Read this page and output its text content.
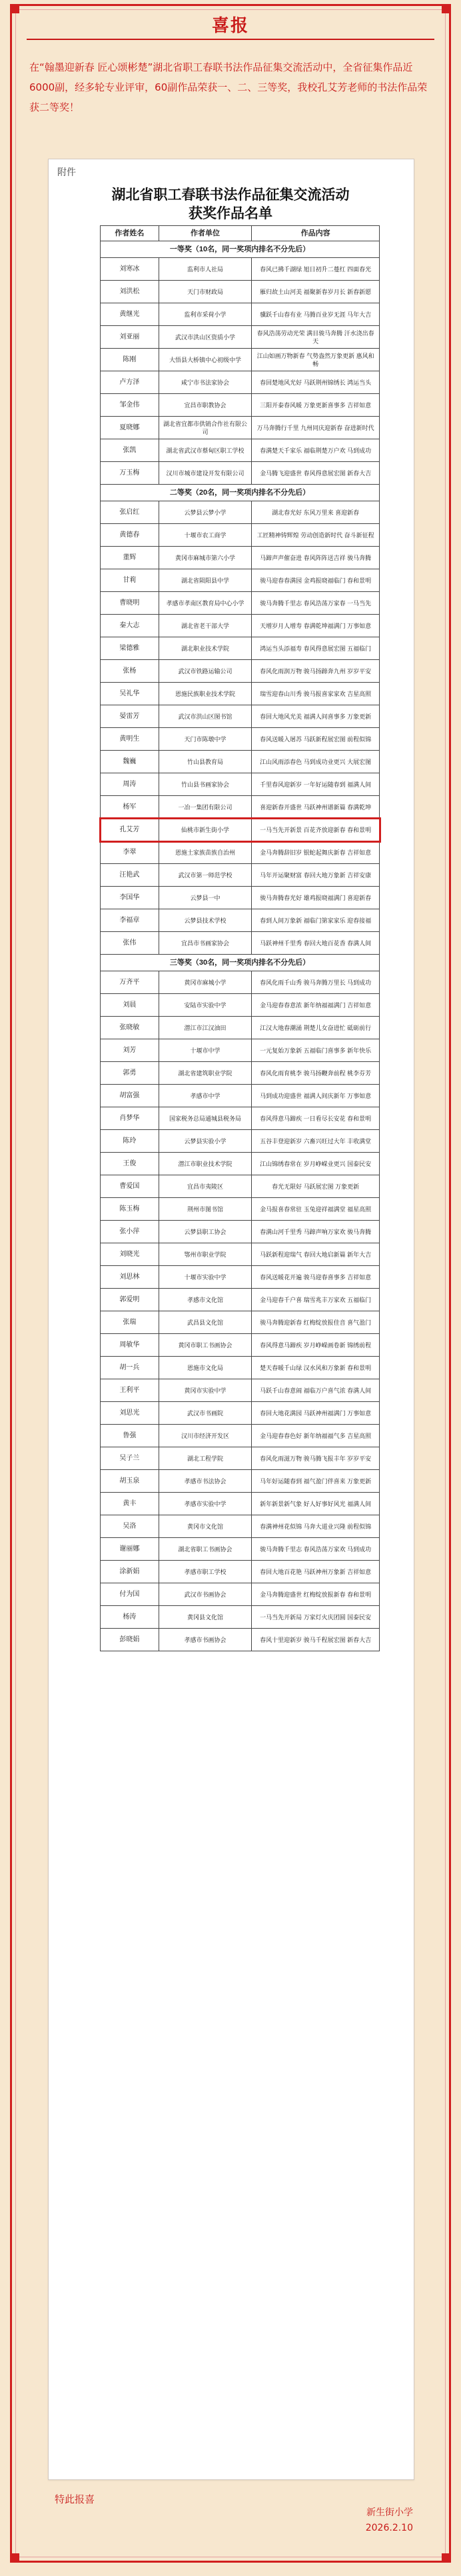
喜报
在“翰墨迎新春 匠心颂彬楚”湖北省职工春联书法作品征集交流活动中，全省征集作品近6000副，经多轮专业评审，60副作品荣获一、二、三等奖，我校孔艾芳老师的书法作品荣获二等奖！
附件
湖北省职工春联书法作品征集交流活动
获奖作品名单
作者姓名	作者单位	作品内容
一等奖（10名，同一奖项内排名不分先后）		
刘寒冰	监利市人社局	春风已拂千湖绿 旭日初升二蔓红 四面春光
刘洪松	天门市财政局	雁归故土山河美 福聚新春岁月长 新春新愿
黄继光	监利市采荷小学	骥跃千山春有业 马腾百业岁无涯 马年大吉
刘亚丽	武汉市洪山区资质小学	春风浩荡劳动光荣 满目骏马奔腾 汗水浇出春天
陈刚	大悟县大桥镇中心初级中学	江山如画万物新春 气势盎然万象更新 惠风和畅
卢方泽	咸宁市书法家协会	春回楚地风光好 马跃荆州锦绣长 鸿运当头
邹金伟	宜昌市职教协会	三阳开泰春风暖 万象更新喜事多 吉祥如意
夏晓娜	湖北省宜都市供销合作社有限公司	万马奔腾行千里 九州同庆迎新春 奋进新时代
张凯	湖北省武汉市蔡甸区职工学校	春满楚天千家乐 福临荆楚万户欢 马到成功
万玉梅	汉川市城市建设开发有限公司	金马腾飞迎盛世 春风得意展宏图 新春大吉
二等奖（20名，同一奖项内排名不分先后）		
张启红	云梦县云梦小学	湖北春光好 东风万里来 喜迎新春
黄德春	十堰市农工商学	工匠精神铸辉煌 劳动创造新时代 奋斗新征程
董辉	黄冈市麻城市第六小学	马蹄声声催奋进 春风阵阵送吉祥 骏马奔腾
甘莉	湖北省陨阳县中学	骏马迎春春满园 金鸡报晓福临门 春和景明
曹晓明	孝感市孝南区教育局中心小学	骏马奔腾千里志 春风浩荡万家春 一马当先
秦大志	湖北省老干部大学	天增岁月人增寿 春满乾坤福满门 万事如意
梁德雅	湖北职业技术学院	鸿运当头添福寿 春风得意展宏图 五福临门
张杨	武汉市铁路运输公司	春风化雨润万物 骏马扬蹄奔九州 岁岁平安
吴礼华	恩施民族职业技术学院	瑞雪迎春山川秀 骏马报喜家家欢 吉星高照
晏雷芳	武汉市洪山区图书馆	春回大地风光美 福满人间喜事多 万象更新
黄明生	天门市陈墩中学	春风送暖入屠苏 马跃新程展宏图 前程似锦
魏巍	竹山县教育局	江山风雨添春色 马到成功业更兴 大展宏图
周涛	竹山县书画家协会	千里春风迎新岁 一年好运随春到 福满人间
杨军	一冶一集团有限公司	喜迎新春开盛世 马跃神州谱新篇 春满乾坤
孔艾芳	仙桃市新生街小学	一马当先开新景 百花齐放迎新春 春和景明
李翠	恩施土家族苗族自治州	金马奔腾辞旧岁 银蛇起舞庆新春 吉祥如意
汪艳武	武汉市第一师范学校	马年开运聚财富 春回大地万象新 吉祥安康
李国华	云梦县一中	骏马奔腾春光好 雄鸡报晓福满门 喜迎新春
李福章	云梦县技术学校	春到人间万象新 福临门第家家乐 迎春接福
张伟	宜昌市书画家协会	马跃神州千里秀 春回大地百花香 春满人间
三等奖（30名，同一奖项内排名不分先后）		
万齐平	黄冈市麻城小学	春风化雨千山秀 骏马奔腾万里长 马到成功
刘晨	安陆市实验中学	金马迎春春意浓 新年纳福福满门 吉祥如意
张晓敏	潜江市江汉油田	江汉大地春潮涌 荆楚儿女奋进忙 砥砺前行
刘芳	十堰市中学	一元复始万象新 五福临门喜事多 新年快乐
郭勇	湖北省建筑职业学院	春风化雨育桃李 骏马扬鞭奔前程 桃李芬芳
胡富强	孝感市中学	马到成功迎盛世 福满人间庆新年 万事如意
肖梦华	国家税务总局通城县税务局	春风得意马蹄疾 一日看尽长安花 春和景明
陈玲	云梦县实验小学	五谷丰登迎新岁 六畜兴旺过大年 丰收满堂
王俊	潜江市职业技术学院	江山锦绣春常在 岁月峥嵘业更兴 国泰民安
曹爱国	宜昌市夷陵区	春光无限好 马跃展宏图 万象更新
陈玉梅	荆州市图书馆	金马报喜春常驻 玉兔迎祥福满堂 福星高照
张小萍	云梦县职工协会	春满山河千里秀 马蹄声响万家欢 骏马奔腾
刘晓光	鄂州市职业学院	马跃新程迎瑞气 春回大地启新篇 新年大吉
刘思林	十堰市实验中学	春风送暖花开遍 骏马迎春喜事多 吉祥如意
郭爱明	孝感市文化馆	金马迎春千户喜 瑞雪兆丰万家欢 五福临门
张瑞	武昌县文化馆	骏马奔腾迎新春 红梅绽放报佳音 喜气盈门
周敏华	黄冈市职工书画协会	春风得意马蹄疾 岁月峥嵘画卷新 锦绣前程
胡一兵	恩施市文化局	楚天春暖千山绿 汉水风和万象新 春和景明
王利平	黄冈市实验中学	马跃千山春意闹 福临万户喜气浓 春满人间
刘思光	武汉市书画院	春回大地花满园 马跃神州福满门 万事如意
鲁强	汉川市经济开发区	金马迎春春色好 新年纳福福气多 吉星高照
吴子兰	湖北工程学院	春风化雨滋万物 骏马腾飞报丰年 岁岁平安
胡玉泉	孝感市书法协会	马年好运随春到 福气盈门伴喜来 万象更新
黄丰	孝感市实验中学	新年新景新气象 好人好事好风光 福满人间
吴洛	黄冈市文化馆	春满神州花似锦 马奔大道业兴隆 前程似锦
谢丽娜	湖北省职工书画协会	骏马奔腾千里志 春风浩荡万家欢 马到成功
涂新娟	孝感市职工学校	春回大地百花艳 马跃神州万象新 吉祥如意
付为国	武汉市书画协会	金马奔腾迎盛世 红梅绽放报新春 春和景明
杨涛	黄冈县文化馆	一马当先开新局 万家灯火庆团圆 国泰民安
彭晓娟	孝感市书画协会	春风十里迎新岁 骏马千程展宏图 新春大吉
特此报喜
新生街小学
2026.2.10
